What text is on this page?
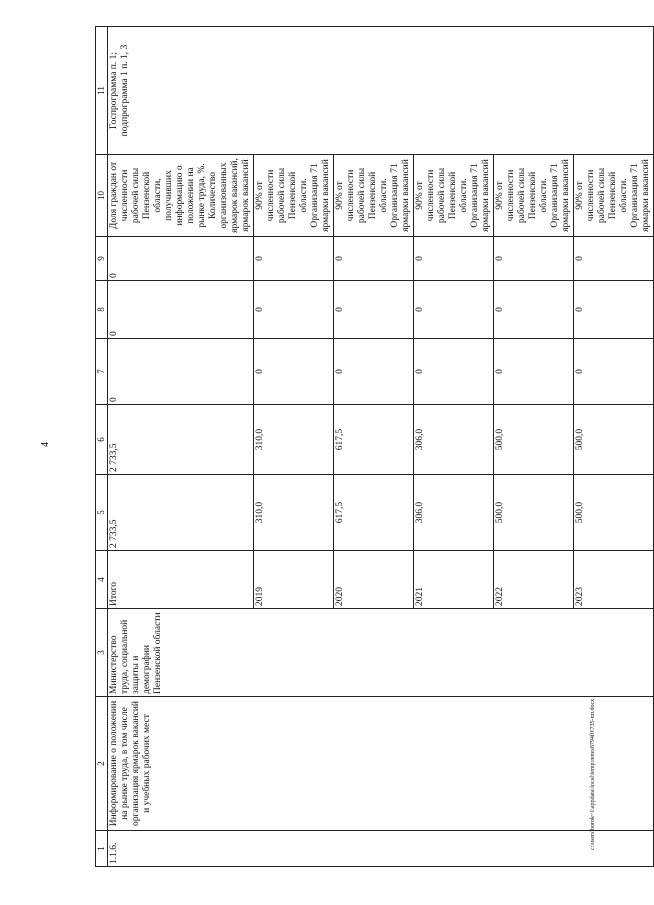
4
1	2	3	4	5	6	7	8	9	10	11
1.1.6.	Информирование о положении на рынке труда, в том числе организация ярмарок вакансий и учебных рабочих мест	Министерство труда, социальной защиты и демографии Пензенской области	Итого	2 733,5	2 733,5	0	0	0	Доля граждан от численности рабочей силы Пензенской области, получивших информацию о положении на рынке труда, %. Количество организованных ярмарок вакансий, ярмарок вакансий	Госпрограмма п. 1; подпрограмма 1 п. 1, 3
			2019	310,0	310,0	0	0	0	90% от численности рабочей силы Пензенской области. Организация 71 ярмарки вакансий	
			2020	617,5	617,5	0	0	0	90% от численности рабочей силы Пензенской области. Организация 71 ярмарки вакансий	
			2021	306,0	306,0	0	0	0	90% от численности рабочей силы Пензенской области. Организация 71 ярмарки вакансий	
			2022	500,0	500,0	0	0	0	90% от численности рабочей силы Пензенской области. Организация 71 ярмарки вакансий	
			2023	500,0	500,0	0	0	0	90% от численности рабочей силы Пензенской области. Организация 71 ярмарки вакансий	
c:\users\borok~1\appdata\local\temp\notes8794f0\735-пп.docx
